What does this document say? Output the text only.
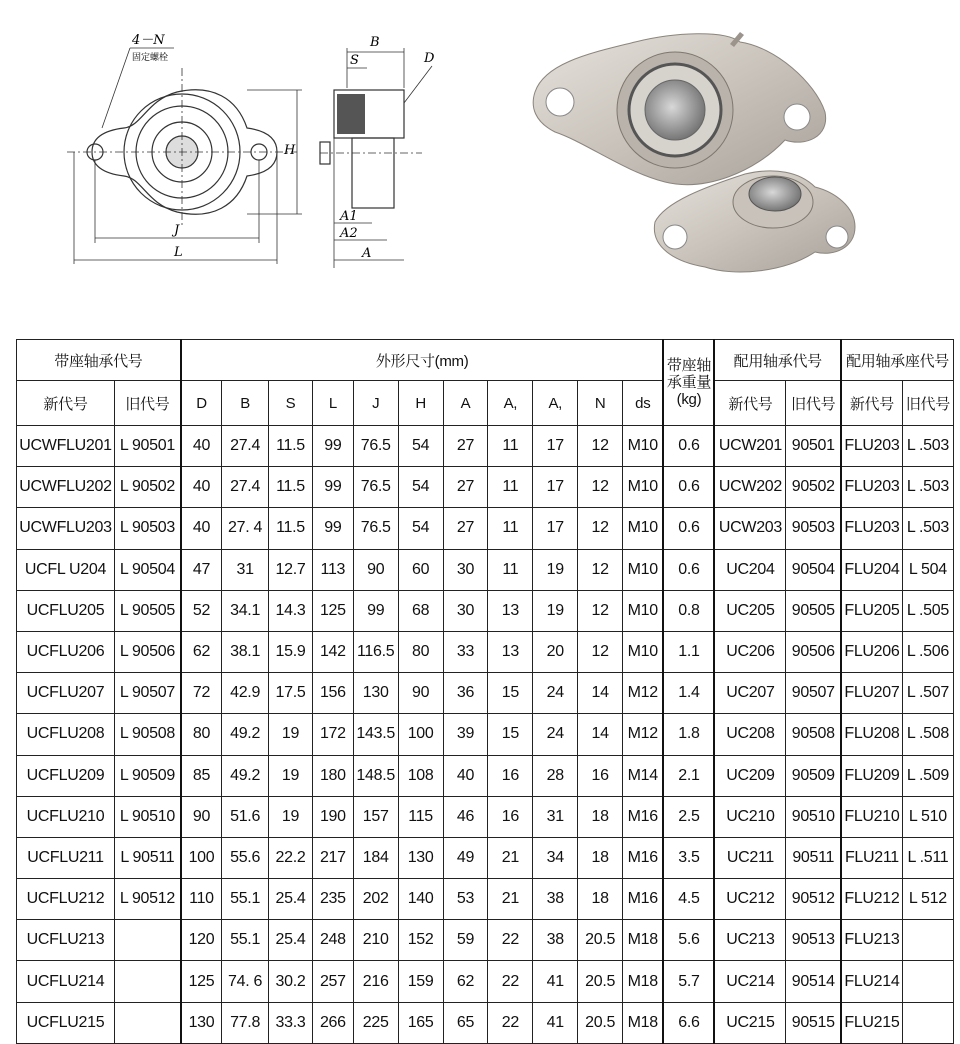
4－N
固定螺栓
J
L
H
B
S	D
A1
A2
A
带座轴承代号		外形尺寸(mm)											带座轴承重量(kg)	配用轴承代号		配用轴承座代号	
新代号	旧代号	D	B	S	L	J	H	A	A,	A,	N	ds		新代号	旧代号	新代号	旧代号
UCWFLU201	L 90501	40	27.4	11.5	99	76.5	54	27	11	17	12	M10	0.6	UCW201	90501	FLU203	L .503
UCWFLU202	L 90502	40	27.4	11.5	99	76.5	54	27	11	17	12	M10	0.6	UCW202	90502	FLU203	L .503
UCWFLU203	L 90503	40	27. 4	11.5	99	76.5	54	27	11	17	12	M10	0.6	UCW203	90503	FLU203	L .503
UCFL U204	L 90504	47	31	12.7	113	90	60	30	11	19	12	M10	0.6	UC204	90504	FLU204	L 504
UCFLU205	L 90505	52	34.1	14.3	125	99	68	30	13	19	12	M10	0.8	UC205	90505	FLU205	L .505
UCFLU206	L 90506	62	38.1	15.9	142	116.5	80	33	13	20	12	M10	1.1	UC206	90506	FLU206	L .506
UCFLU207	L 90507	72	42.9	17.5	156	130	90	36	15	24	14	M12	1.4	UC207	90507	FLU207	L .507
UCFLU208	L 90508	80	49.2	19	172	143.5	100	39	15	24	14	M12	1.8	UC208	90508	FLU208	L .508
UCFLU209	L 90509	85	49.2	19	180	148.5	108	40	16	28	16	M14	2.1	UC209	90509	FLU209	L .509
UCFLU210	L 90510	90	51.6	19	190	157	115	46	16	31	18	M16	2.5	UC210	90510	FLU210	L 510
UCFLU211	L 90511	100	55.6	22.2	217	184	130	49	21	34	18	M16	3.5	UC211	90511	FLU211	L .511
UCFLU212	L 90512	110	55.1	25.4	235	202	140	53	21	38	18	M16	4.5	UC212	90512	FLU212	L 512
UCFLU213		120	55.1	25.4	248	210	152	59	22	38	20.5	M18	5.6	UC213	90513	FLU213	
UCFLU214		125	74. 6	30.2	257	216	159	62	22	41	20.5	M18	5.7	UC214	90514	FLU214	
UCFLU215		130	77.8	33.3	266	225	165	65	22	41	20.5	M18	6.6	UC215	90515	FLU215	
